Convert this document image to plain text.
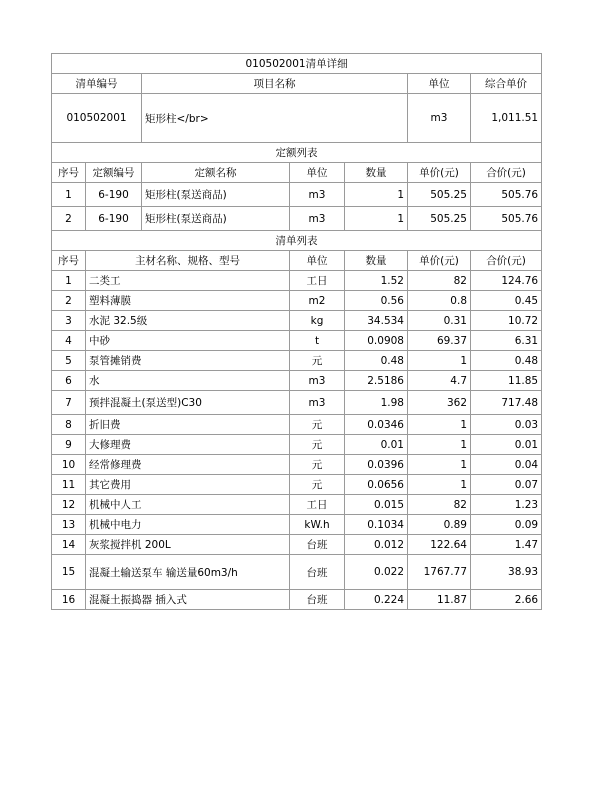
010502001清单详细						
清单编号		项目名称			单位	综合单价
010502001		矩形柱</br>			m3	1,011.51
定额列表						
序号	定额编号	定额名称	单位	数量	单价(元)	合价(元)
1	6-190	矩形柱(泵送商品)	m3	1	505.25	505.76
2	6-190	矩形柱(泵送商品)	m3	1	505.25	505.76
清单列表						
序号	主材名称、规格、型号		单位	数量	单价(元)	合价(元)
1	二类工		工日	1.52	82	124.76
2	塑料薄膜		m2	0.56	0.8	0.45
3	水泥 32.5级		kg	34.534	0.31	10.72
4	中砂		t	0.0908	69.37	6.31
5	泵管摊销费		元	0.48	1	0.48
6	水		m3	2.5186	4.7	11.85
7	预拌混凝土(泵送型)C30		m3	1.98	362	717.48
8	折旧费		元	0.0346	1	0.03
9	大修理费		元	0.01	1	0.01
10	经常修理费		元	0.0396	1	0.04
11	其它费用		元	0.0656	1	0.07
12	机械中人工		工日	0.015	82	1.23
13	机械中电力		kW.h	0.1034	0.89	0.09
14	灰浆搅拌机 200L		台班	0.012	122.64	1.47
15	混凝土输送泵车 输送量60m3/h		台班	0.022	1767.77	38.93
16	混凝土振捣器 插入式		台班	0.224	11.87	2.66
